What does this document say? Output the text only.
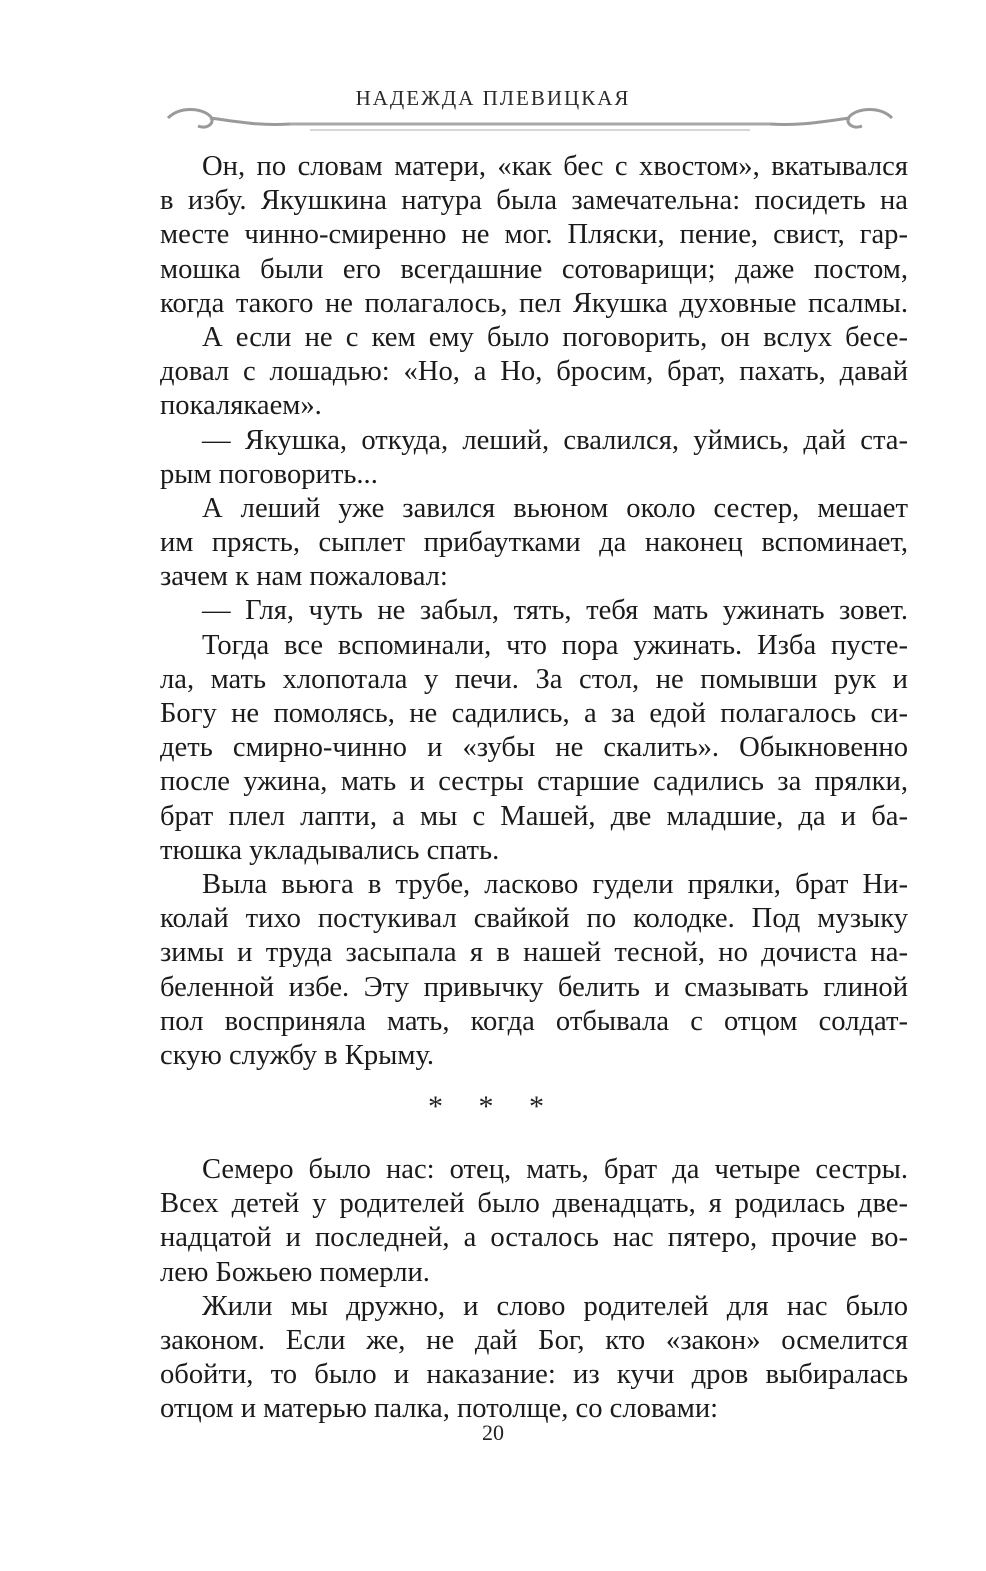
НАДЕЖДА ПЛЕВИЦКАЯ
Он, по словам матери, «как бес с хвостом», вкатывался
в избу. Якушкина натура была замечательна: посидеть на
месте чинно-смиренно не мог. Пляски, пение, свист, гар-
мошка были его всегдашние сотоварищи; даже постом,
когда такого не полагалось, пел Якушка духовные псалмы.
А если не с кем ему было поговорить, он вслух бесе-
довал с лошадью: «Но, а Но, бросим, брат, пахать, давай
покалякаем».
— Якушка, откуда, леший, свалился, уймись, дай ста-
рым поговорить...
А леший уже завился вьюном около сестер, мешает
им прясть, сыплет прибаутками да наконец вспоминает,
зачем к нам пожаловал:
— Гля, чуть не забыл, тять, тебя мать ужинать зовет.
Тогда все вспоминали, что пора ужинать. Изба пусте-
ла, мать хлопотала у печи. За стол, не помывши рук и
Богу не помолясь, не садились, а за едой полагалось си-
деть смирно-чинно и «зубы не скалить». Обыкновенно
после ужина, мать и сестры старшие садились за прялки,
брат плел лапти, а мы с Машей, две младшие, да и ба-
тюшка укладывались спать.
Выла вьюга в трубе, ласково гудели прялки, брат Ни-
колай тихо постукивал свайкой по колодке. Под музыку
зимы и труда засыпала я в нашей тесной, но дочиста на-
беленной избе. Эту привычку белить и смазывать глиной
пол восприняла мать, когда отбывала с отцом солдат-
скую службу в Крыму.
* * *
Семеро было нас: отец, мать, брат да четыре сестры.
Всех детей у родителей было двенадцать, я родилась две-
надцатой и последней, а осталось нас пятеро, прочие во-
лею Божьею померли.
Жили мы дружно, и слово родителей для нас было
законом. Если же, не дай Бог, кто «закон» осмелится
обойти, то было и наказание: из кучи дров выбиралась
отцом и матерью палка, потолще, со словами:
20
